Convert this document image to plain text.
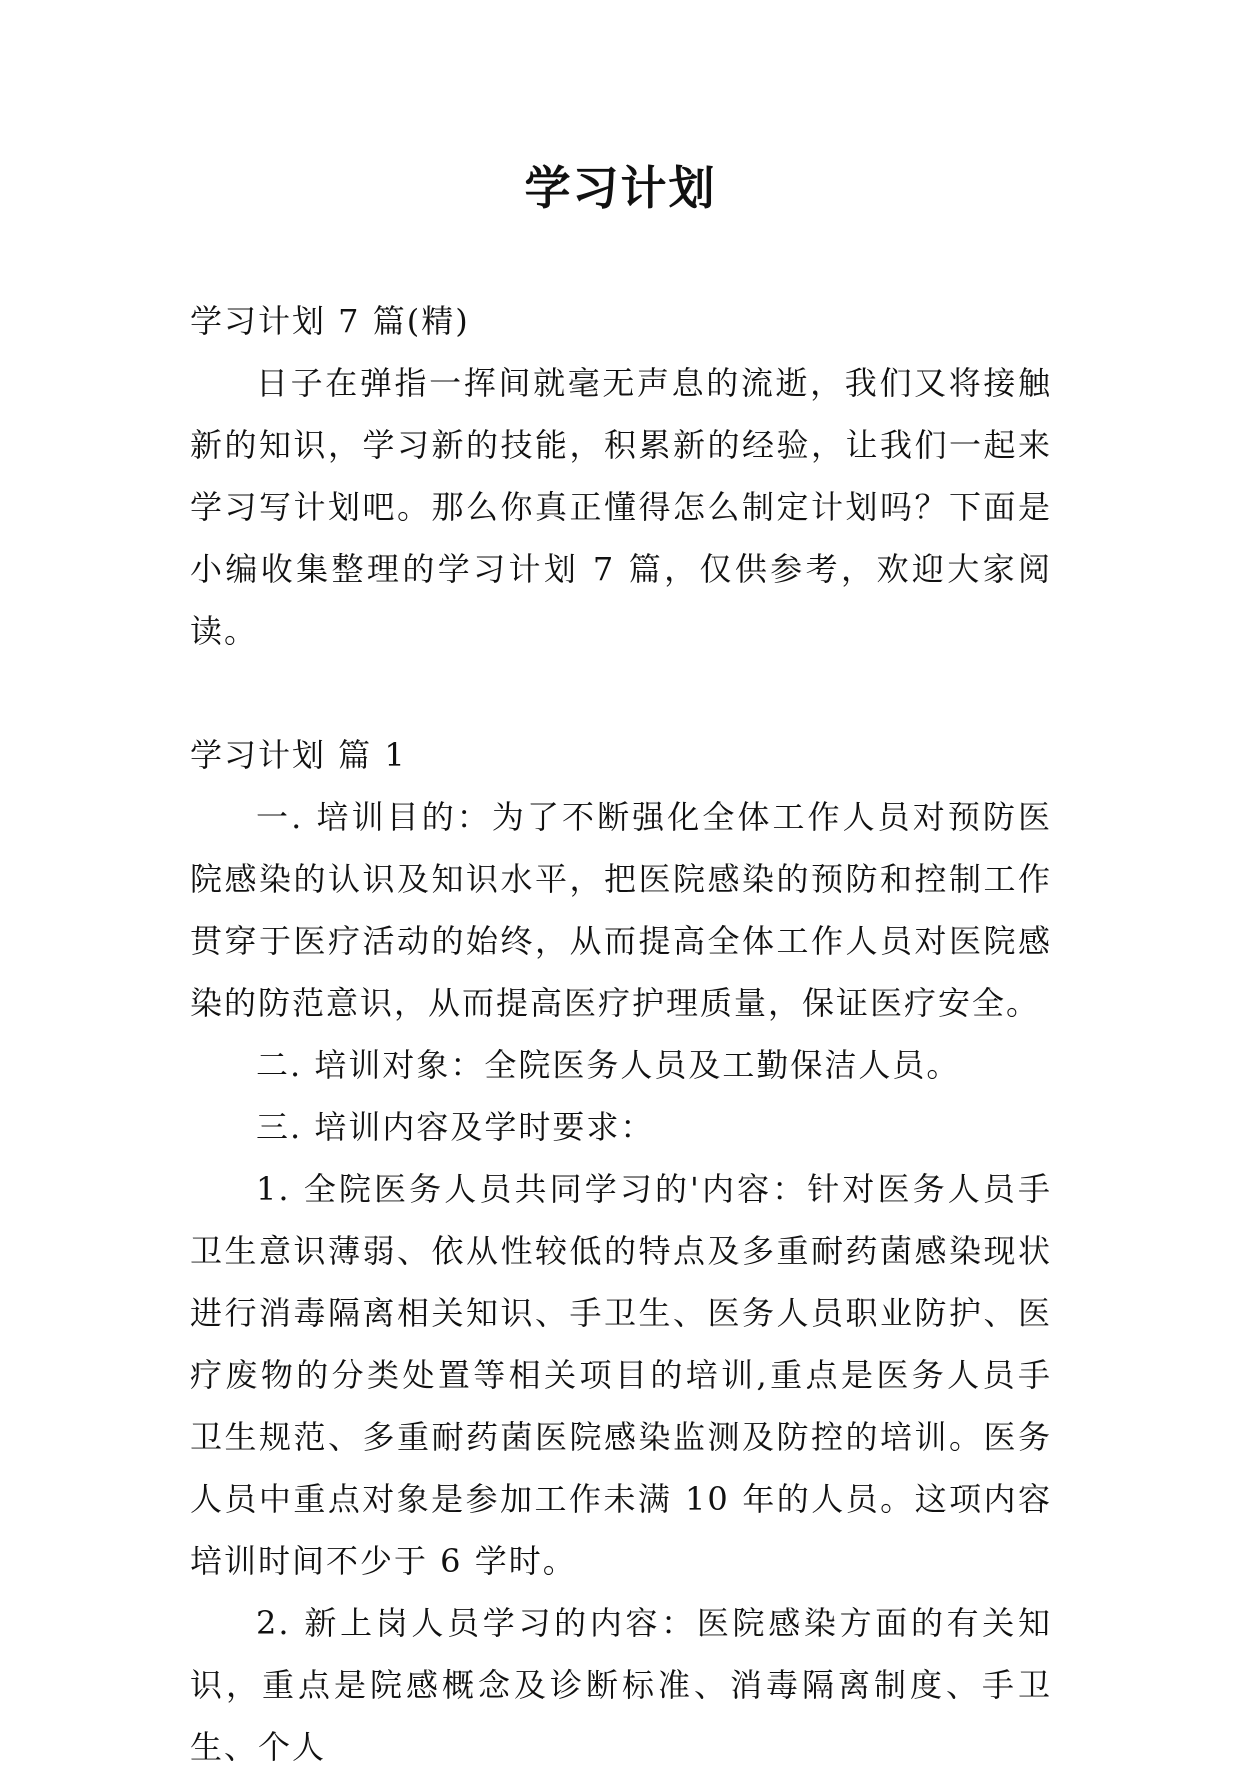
学习计划

学习计划 7 篇(精)

日子在弹指一挥间就毫无声息的流逝，我们又将接触新的知识，学习新的技能，积累新的经验，让我们一起来学习写计划吧。那么你真正懂得怎么制定计划吗？下面是小编收集整理的学习计划 7 篇，仅供参考，欢迎大家阅读。

学习计划 篇 1

一. 培训目的：为了不断强化全体工作人员对预防医院感染的认识及知识水平，把医院感染的预防和控制工作贯穿于医疗活动的始终，从而提高全体工作人员对医院感染的防范意识，从而提高医疗护理质量，保证医疗安全。

二. 培训对象：全院医务人员及工勤保洁人员。

三. 培训内容及学时要求：

1. 全院医务人员共同学习的'内容：针对医务人员手卫生意识薄弱、依从性较低的特点及多重耐药菌感染现状进行消毒隔离相关知识、手卫生、医务人员职业防护、医疗废物的分类处置等相关项目的培训,重点是医务人员手卫生规范、多重耐药菌医院感染监测及防控的培训。医务人员中重点对象是参加工作未满 10 年的人员。这项内容培训时间不少于 6 学时。

2. 新上岗人员学习的内容：医院感染方面的有关知识，重点是院感概念及诊断标准、消毒隔离制度、手卫生、个人
